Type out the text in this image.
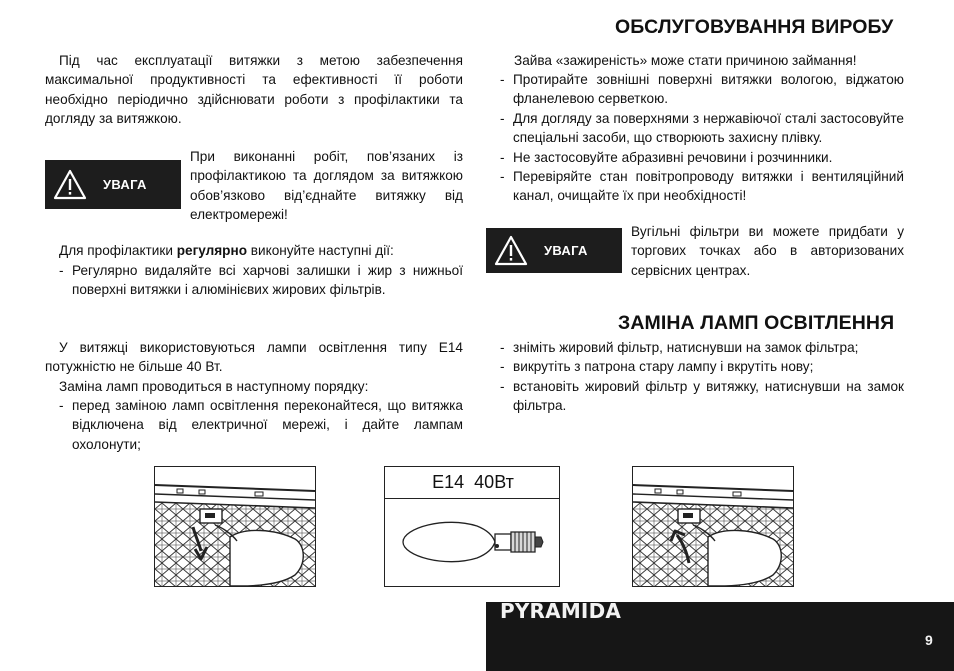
ОБСЛУГОВУВАННЯ ВИРОБУ

Під час експлуатації витяжки з метою забезпечення максимальної продуктивності та ефективності її роботи необхідно періодично здійснювати роботи з профілактики та догляду за витяжкою.

УВАГА
При виконанні робіт, пов’язаних із профілактикою та доглядом за витяжкою обов’язково від’єднайте витяжку від електромережі!
Для профілактики регулярно виконуйте наступні дії:
- Регулярно видаляйте всі харчові залишки і жир з нижньої поверхні витяжки і алюмінієвих жирових фільтрів.

У витяжці використовуються лампи освітлення типу Е14 потужністю не більше 40 Вт.

Заміна ламп проводиться в наступному порядку:

- перед заміною ламп освітлення переконайтеся, що витяжка відключена від електричної мережі, і дайте лампам охолонути;
Зайва «зажиреність» може стати причиною займання!
- Протирайте зовнішні поверхні витяжки вологою, віджатою фланелевою серветкою.
- Для догляду за поверхнями з нержавіючої сталі застосовуйте спеціальні засоби, що створюють захисну плівку.
- Не застосовуйте абразивні речовини і розчинники.
- Перевіряйте стан повітропроводу витяжки і вентиляційний канал, очищайте їх при необхідності!
УВАГА
Вугільні фільтри ви можете придбати у торгових точках або в авторизованих сервісних центрах.
ЗАМІНА ЛАМП ОСВІТЛЕННЯ
- зніміть жировий фільтр, натиснувши на замок фільтра;
- викрутіть з патрона стару лампу і вкрутіть нову;
- встановіть жировий фільтр у витяжку, натиснувши на замок фільтра.
E14  40Вт
PYRAMIDA
9
